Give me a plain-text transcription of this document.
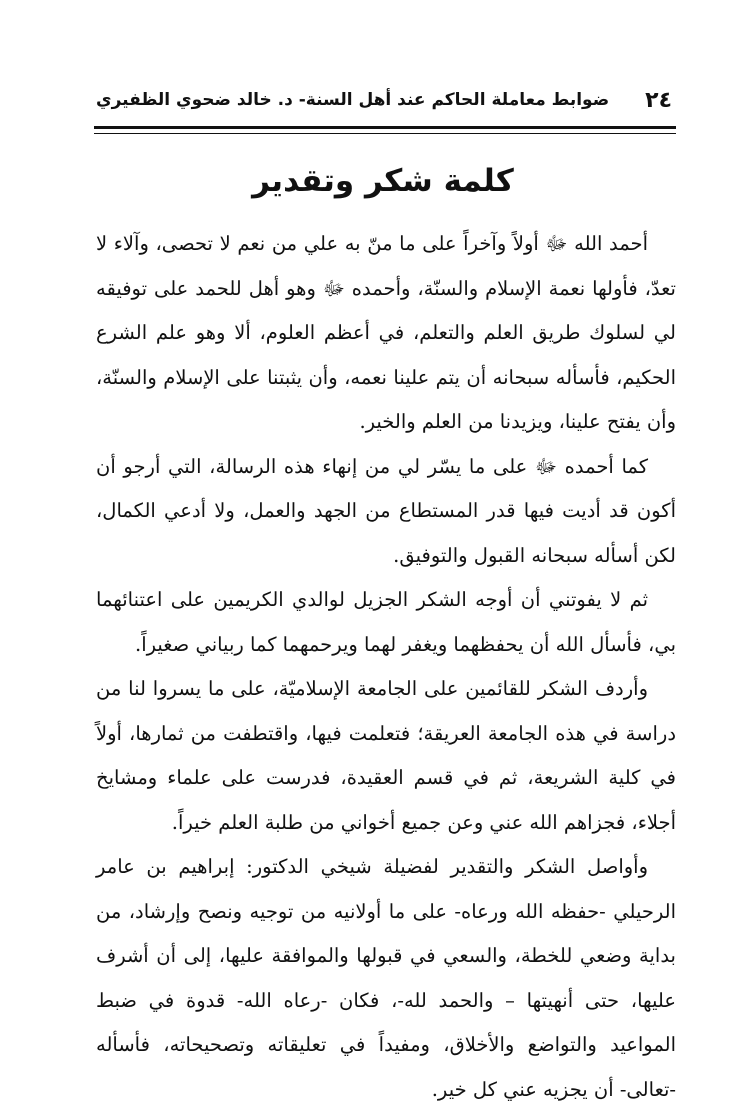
٢٤
ضوابط معاملة الحاكم عند أهل السنة- د. خالد ضحوي الظفيري
كلمة شكر وتقدير

أحمد الله ﷻ أولاً وآخراً على ما منّ به علي من نعم لا تحصى، وآلاء لا تعدّ، فأولها نعمة الإسلام والسنّة، وأحمده ﷻ وهو أهل للحمد على توفيقه لي لسلوك طريق العلم والتعلم، في أعظم العلوم، ألا وهو علم الشرع الحكيم، فأسأله سبحانه أن يتم علينا نعمه، وأن يثبتنا على الإسلام والسنّة، وأن يفتح علينا، ويزيدنا من العلم والخير.

كما أحمده ﷻ على ما يسّر لي من إنهاء هذه الرسالة، التي أرجو أن أكون قد أديت فيها قدر المستطاع من الجهد والعمل، ولا أدعي الكمال، لكن أسأله سبحانه القبول والتوفيق.

ثم لا يفوتني أن أوجه الشكر الجزيل لوالدي الكريمين على اعتنائهما بي، فأسأل الله أن يحفظهما ويغفر لهما ويرحمهما كما ربياني صغيراً.

وأردف الشكر للقائمين على الجامعة الإسلاميّة، على ما يسروا لنا من دراسة في هذه الجامعة العريقة؛ فتعلمت فيها، واقتطفت من ثمارها، أولاً في كلية الشريعة، ثم في قسم العقيدة، فدرست على علماء ومشايخ أجلاء، فجزاهم الله عني وعن جميع أخواني من طلبة العلم خيراً.

وأواصل الشكر والتقدير لفضيلة شيخي الدكتور: إبراهيم بن عامر الرحيلي -حفظه الله ورعاه- على ما أولانيه من توجيه ونصح وإرشاد، من بداية وضعي للخطة، والسعي في قبولها والموافقة عليها، إلى أن أشرف عليها، حتى أنهيتها – والحمد لله-، فكان -رعاه الله- قدوة في ضبط المواعيد والتواضع والأخلاق، ومفيداً في تعليقاته وتصحيحاته، فأسأله -تعالى- أن يجزيه عني كل خير.
